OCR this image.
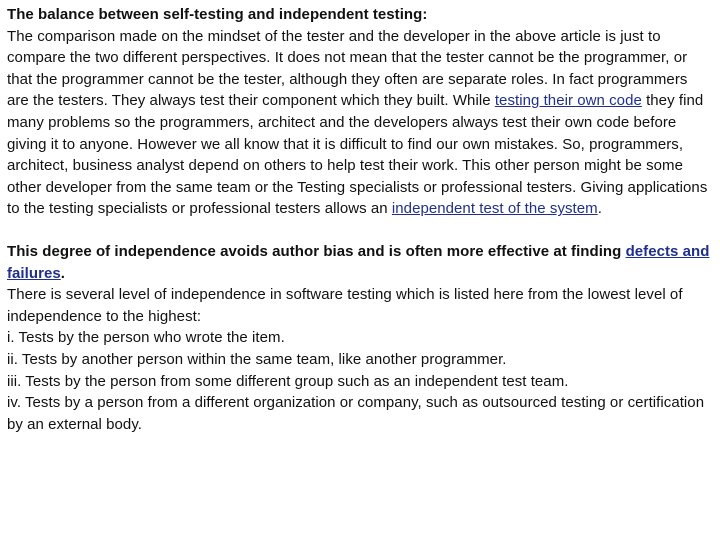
The balance between self-testing and independent testing:
The comparison made on the mindset of the tester and the developer in the above article is just to compare the two different perspectives. It does not mean that the tester cannot be the programmer, or that the programmer cannot be the tester, although they often are separate roles. In fact programmers are the testers. They always test their component which they built. While testing their own code they find many problems so the programmers, architect and the developers always test their own code before giving it to anyone. However we all know that it is difficult to find our own mistakes. So, programmers, architect, business analyst depend on others to help test their work. This other person might be some other developer from the same team or the Testing specialists or professional testers. Giving applications to the testing specialists or professional testers allows an independent test of the system.

This degree of independence avoids author bias and is often more effective at finding defects and failures.
There is several level of independence in software testing which is listed here from the lowest level of independence to the highest:
i. Tests by the person who wrote the item.
ii. Tests by another person within the same team, like another programmer.
iii. Tests by the person from some different group such as an independent test team.
iv. Tests by a person from a different organization or company, such as outsourced testing or certification by an external body.
